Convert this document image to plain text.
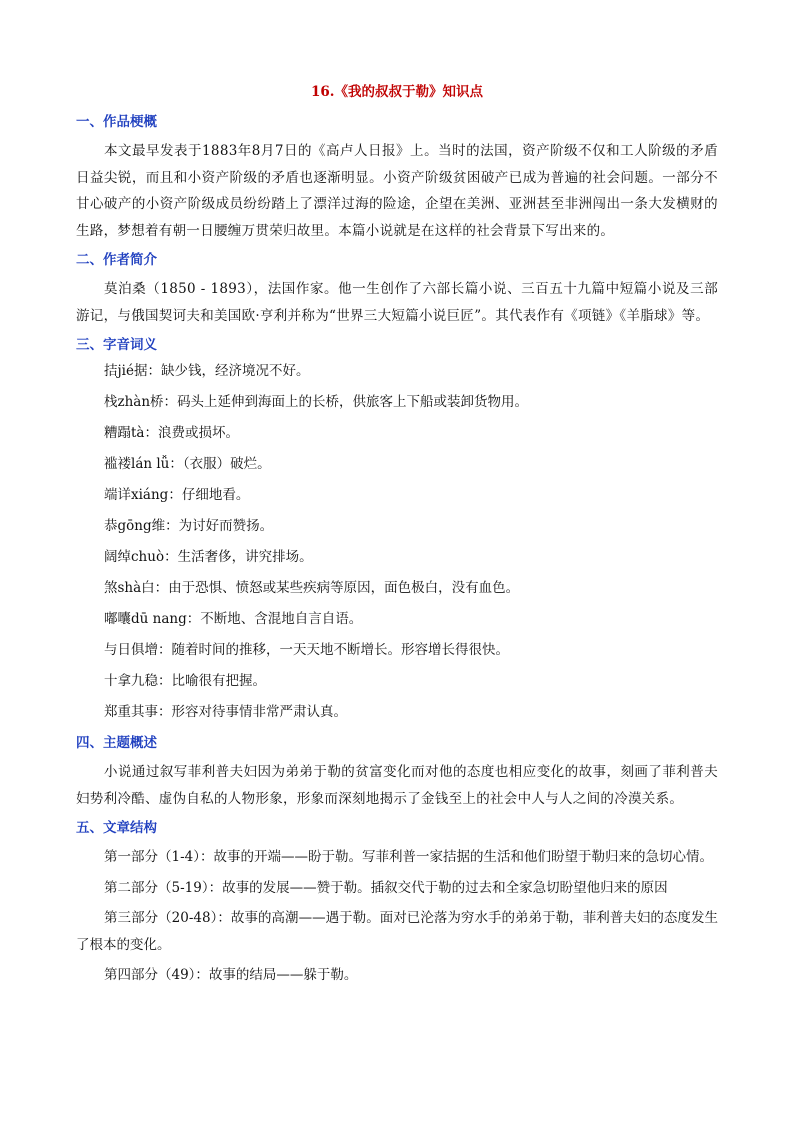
16.《我的叔叔于勒》知识点
一、作品梗概

本文最早发表于1883年8月7日的《高卢人日报》上。当时的法国，资产阶级不仅和工人阶级的矛盾日益尖锐，而且和小资产阶级的矛盾也逐渐明显。小资产阶级贫困破产已成为普遍的社会问题。一部分不甘心破产的小资产阶级成员纷纷踏上了漂洋过海的险途，企望在美洲、亚洲甚至非洲闯出一条大发横财的生路，梦想着有朝一日腰缠万贯荣归故里。本篇小说就是在这样的社会背景下写出来的。

二、作者简介

莫泊桑（1850 - 1893），法国作家。他一生创作了六部长篇小说、三百五十九篇中短篇小说及三部游记，与俄国契诃夫和美国欧·亨利并称为“世界三大短篇小说巨匠”。其代表作有《项链》《羊脂球》等。

三、字音词义
拮jié据：缺少钱，经济境况不好。
栈zhàn桥：码头上延伸到海面上的长桥，供旅客上下船或装卸货物用。
糟蹋tà：浪费或损坏。
褴褛lán lǚ：（衣服）破烂。
端详xiáng：仔细地看。
恭gōng维：为讨好而赞扬。
阔绰chuò：生活奢侈，讲究排场。
煞shà白：由于恐惧、愤怒或某些疾病等原因，面色极白，没有血色。
嘟囔dū nang：不断地、含混地自言自语。
与日俱增：随着时间的推移，一天天地不断增长。形容增长得很快。
十拿九稳：比喻很有把握。
郑重其事：形容对待事情非常严肃认真。
四、主题概述

小说通过叙写菲利普夫妇因为弟弟于勒的贫富变化而对他的态度也相应变化的故事，刻画了菲利普夫妇势利冷酷、虚伪自私的人物形象，形象而深刻地揭示了金钱至上的社会中人与人之间的冷漠关系。

五、文章结构

第一部分（1-4）：故事的开端——盼于勒。写菲利普一家拮据的生活和他们盼望于勒归来的急切心情。

第二部分（5-19）：故事的发展——赞于勒。插叙交代于勒的过去和全家急切盼望他归来的原因

第三部分（20-48）：故事的高潮——遇于勒。面对已沦落为穷水手的弟弟于勒，菲利普夫妇的态度发生了根本的变化。

第四部分（49）：故事的结局——躲于勒。
